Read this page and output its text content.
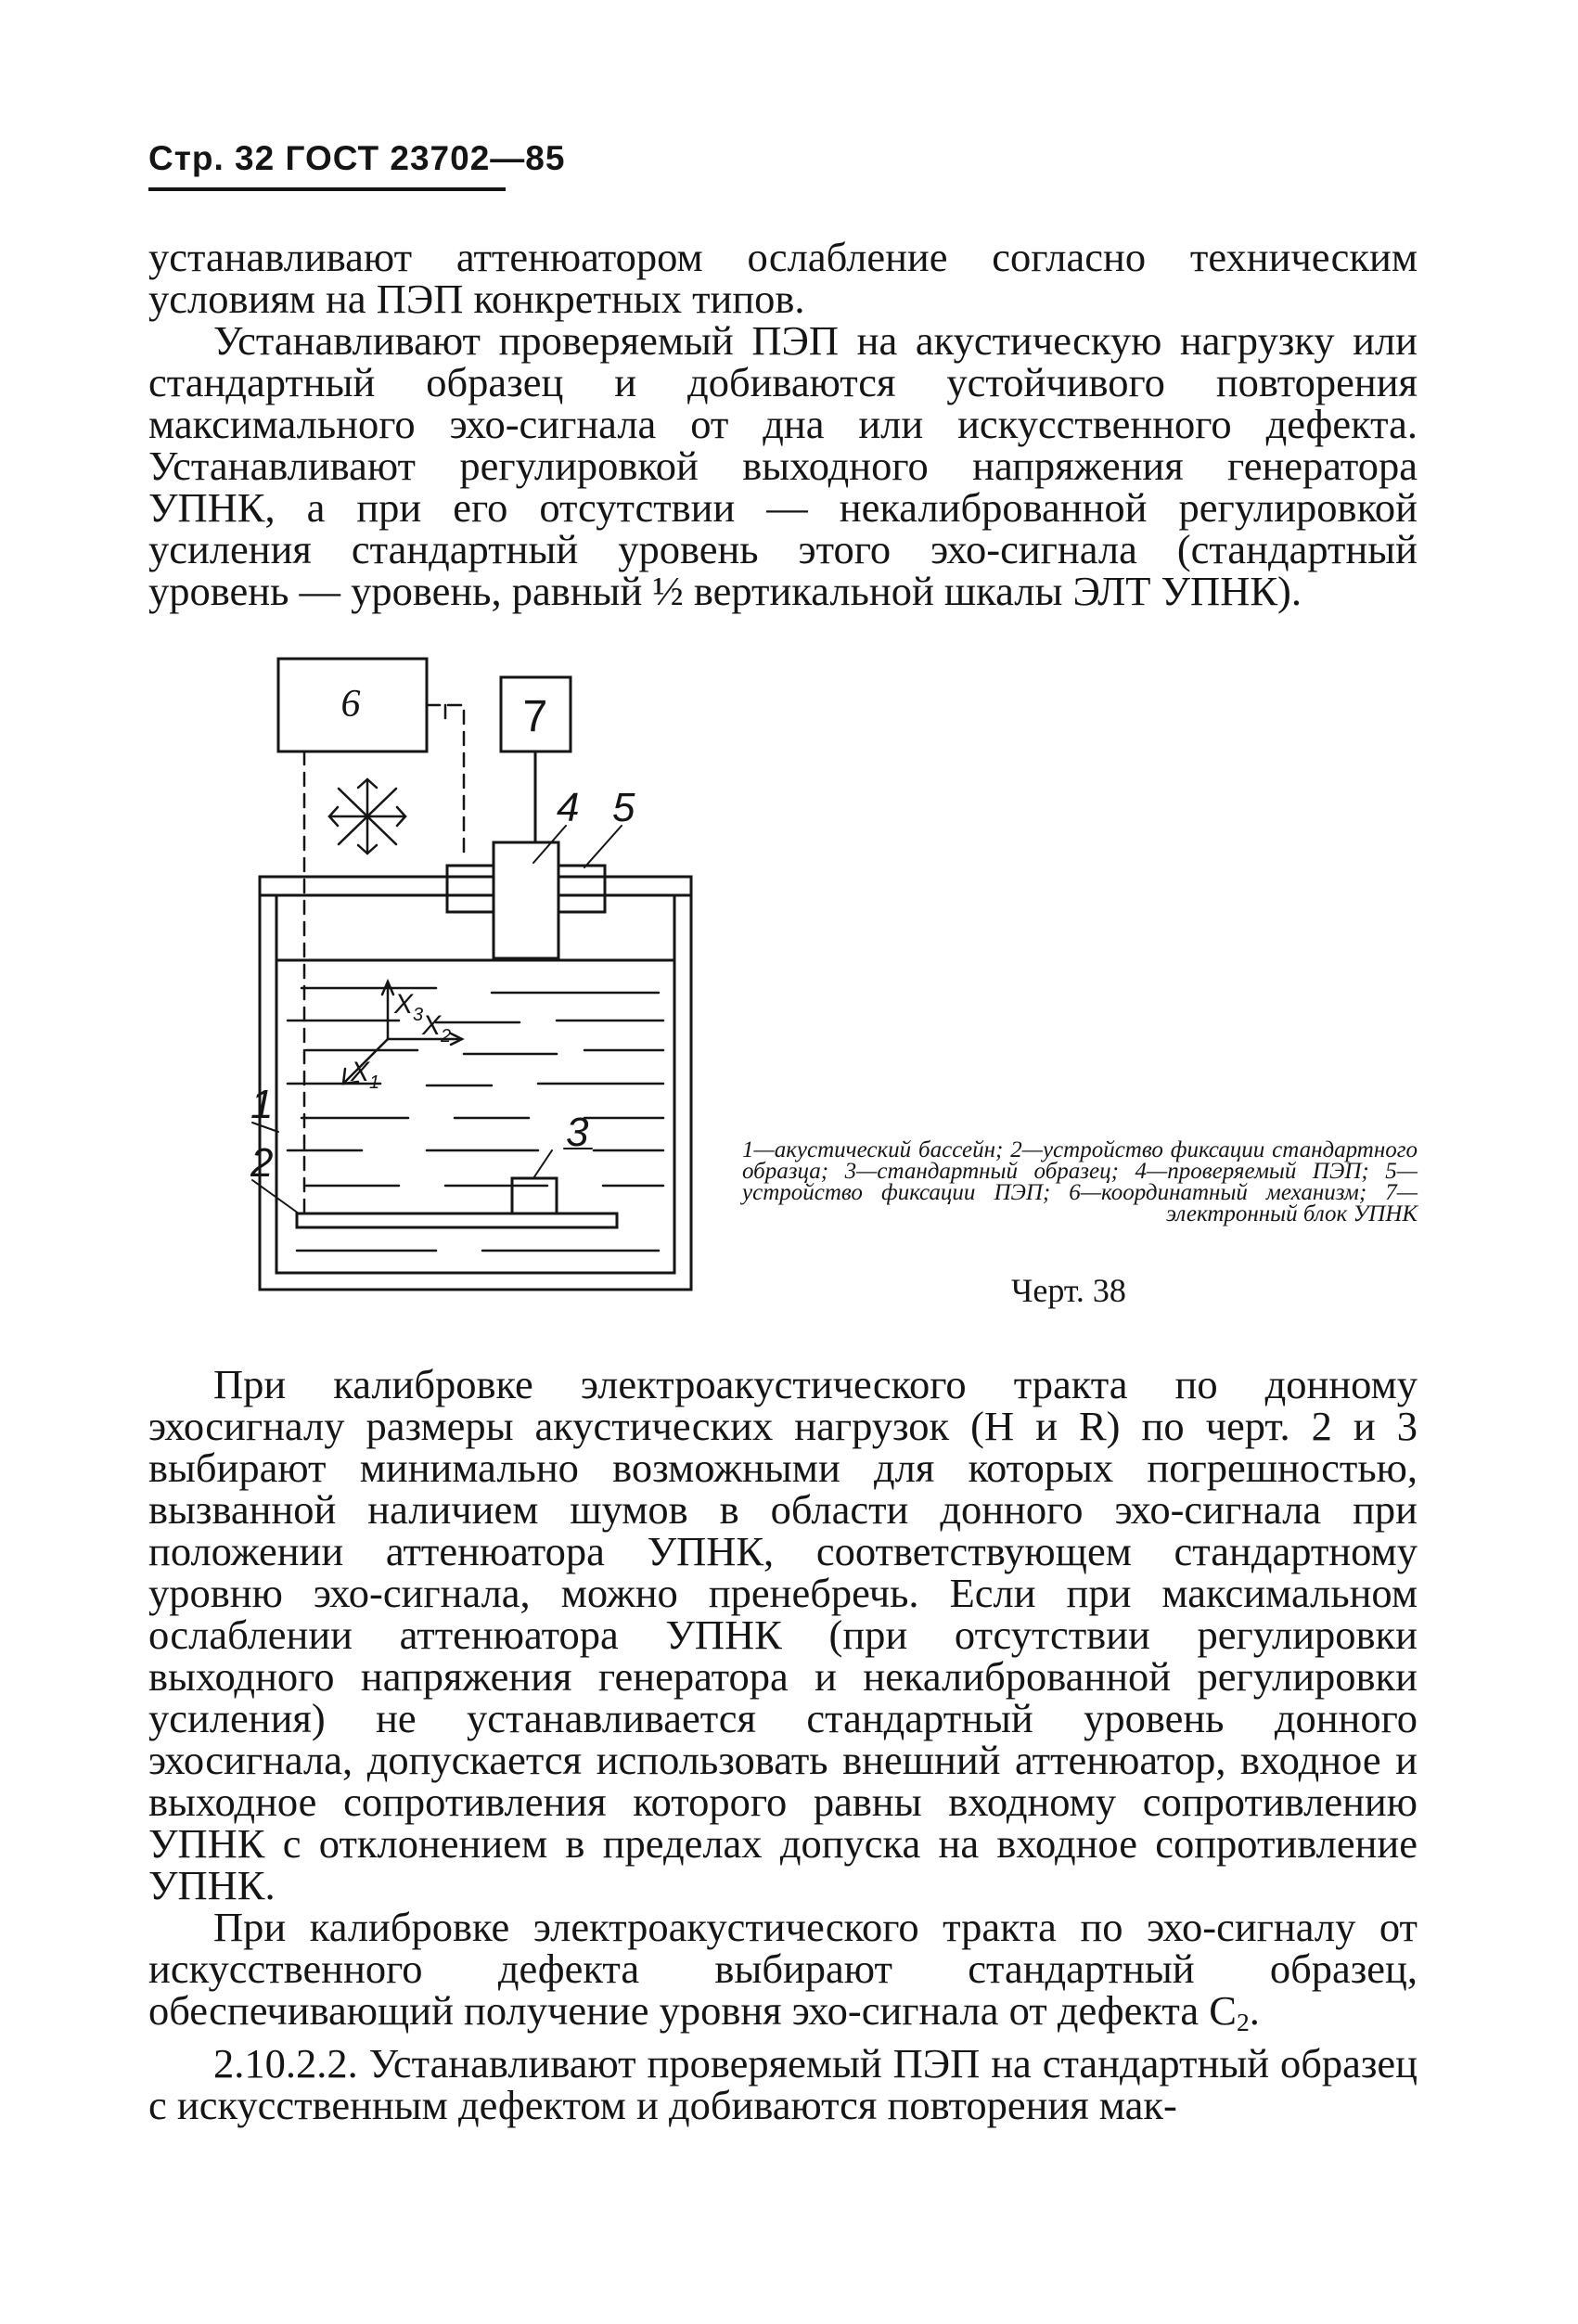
Стр. 32 ГОСТ 23702—85

устанавливают аттенюатором ослабление согласно техническим условиям на ПЭП конкретных типов.

Устанавливают проверяемый ПЭП на акустическую нагрузку или стандартный образец и добиваются устойчивого повторения максимального эхо-сигнала от дна или искусственного дефекта. Устанавливают регулировкой выходного напряжения генератора УПНК, а при его отсутствии — некалиброванной регулировкой усиления стандартный уровень этого эхо-сигнала (стандартный уровень — уровень, равный ½ вертикальной шкалы ЭЛТ УПНК).

6	7
$X_3$
$X_2$
$X_1$
4 5
1
2
3	1—акустический бассейн; 2—устройство фиксации стандартного образца; 3—стандартный образец; 4—проверяемый ПЭП; 5—устройство фиксации ПЭП; 6—координатный механизм; 7—электронный блок УПНК
Черт. 38

При калибровке электроакустического тракта по донному эхосигналу размеры акустических нагрузок (H и R) по черт. 2 и 3 выбирают минимально возможными для которых погрешностью, вызванной наличием шумов в области донного эхо-сигнала при положении аттенюатора УПНК, соответствующем стандартному уровню эхо-сигнала, можно пренебречь. Если при максимальном ослаблении аттенюатора УПНК (при отсутствии регулировки выходного напряжения генератора и некалиброванной регулировки усиления) не устанавливается стандартный уровень донного эхосигнала, допускается использовать внешний аттенюатор, входное и выходное сопротивления которого равны входному сопротивлению УПНК с отклонением в пределах допуска на входное сопротивление УПНК.

При калибровке электроакустического тракта по эхо-сигналу от искусственного дефекта выбирают стандартный образец, обеспечивающий получение уровня эхо-сигнала от дефекта $C_2$.

2.10.2.2. Устанавливают проверяемый ПЭП на стандартный образец с искусственным дефектом и добиваются повторения мак-
